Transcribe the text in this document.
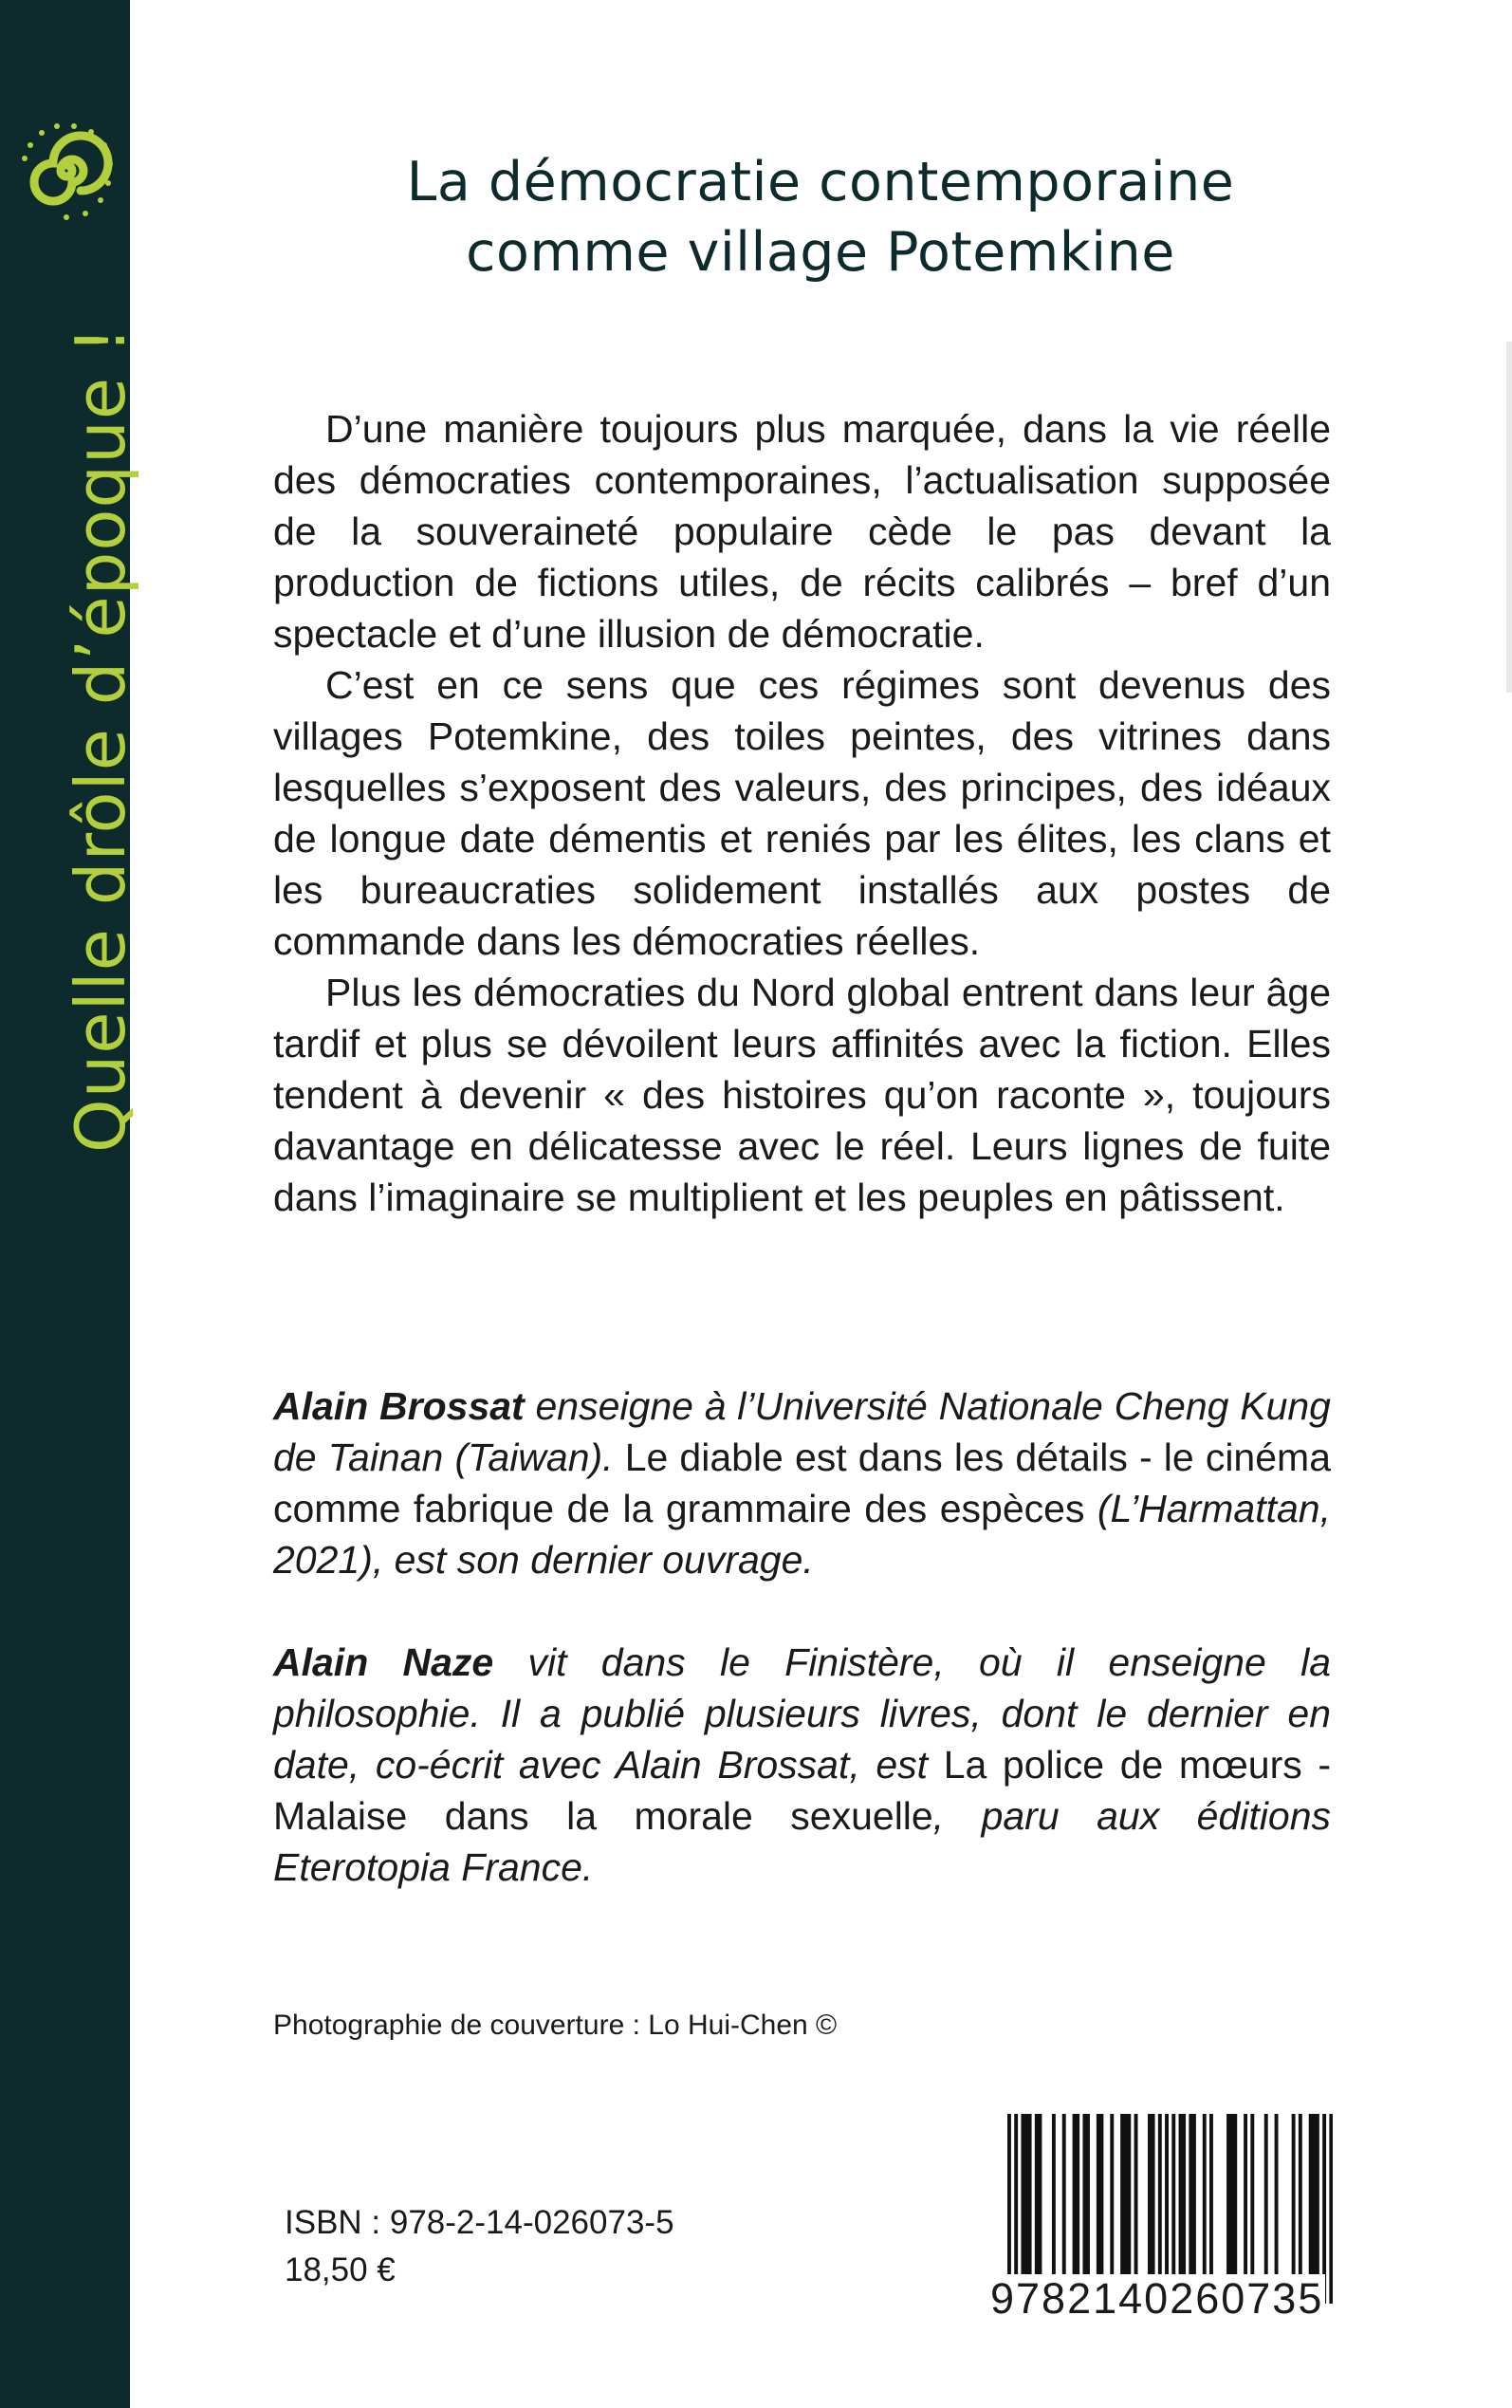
Quelle drôle d’époque !
La démocratie contemporaine
comme village Potemkine

D’une manière toujours plus marquée, dans la vie réelle des démocraties contemporaines, l’actualisation supposée de la souveraineté populaire cède le pas devant la production de fictions utiles, de récits calibrés – bref d’un spectacle et d’une illusion de démocratie.

C’est en ce sens que ces régimes sont devenus des villages Potemkine, des toiles peintes, des vitrines dans lesquelles s’exposent des valeurs, des principes, des idéaux de longue date démentis et reniés par les élites, les clans et les bureaucraties solidement installés aux postes de commande dans les démocraties réelles.

Plus les démocraties du Nord global entrent dans leur âge tardif et plus se dévoilent leurs affinités avec la fiction. Elles tendent à devenir « des histoires qu’on raconte », toujours davantage en délicatesse avec le réel. Leurs lignes de fuite dans l’imaginaire se multiplient et les peuples en pâtissent.

Alain Brossat enseigne à l’Université Nationale Cheng Kung de Tainan (Taiwan). Le diable est dans les détails - le cinéma comme fabrique de la grammaire des espèces (L’Harmattan, 2021), est son dernier ouvrage.

Alain Naze vit dans le Finistère, où il enseigne la philosophie. Il a publié plusieurs livres, dont le dernier en date, co-écrit avec Alain Brossat, est La police de mœurs - Malaise dans la morale sexuelle, paru aux éditions Eterotopia France.

Photographie de couverture : Lo Hui-Chen ©
ISBN : 978-2-14-026073-5
18,50 €
9782140260735
